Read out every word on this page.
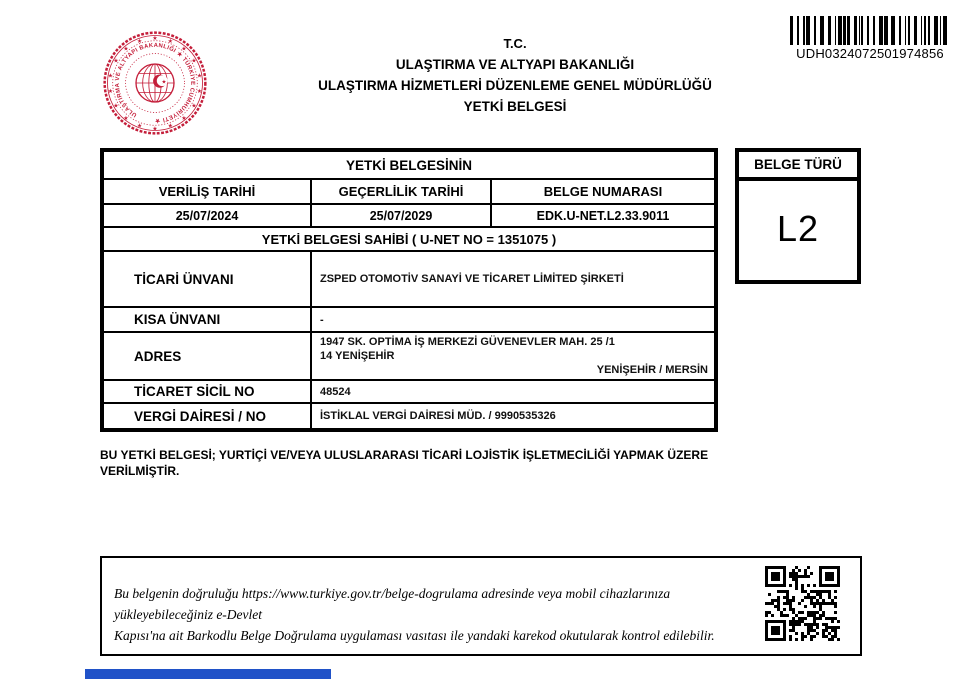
★ ★
★
★
★
★
★
★
★
★
★
★
★
★
★
★
★
★
ULAŞTIRMA VE ALTYAPI BAKANLIĞI ★ TÜRKİYE CUMHURİYETİ ★
★
T.C.
ULAŞTIRMA VE ALTYAPI BAKANLIĞI
ULAŞTIRMA HİZMETLERİ DÜZENLEME GENEL MÜDÜRLÜĞÜ
YETKİ BELGESİ
UDH0324072501974856
YETKİ BELGESİNİN
VERİLİŞ TARİHİ	GEÇERLİLİK TARİHİ	BELGE NUMARASI
25/07/2024	25/07/2029	EDK.U-NET.L2.33.9011
YETKİ BELGESİ SAHİBİ ( U-NET NO = 1351075 )
TİCARİ ÜNVANI	ZSPED OTOMOTİV SANAYİ VE TİCARET LİMİTED ŞİRKETİ
KISA ÜNVANI	-
ADRES
1947 SK. OPTİMA İŞ MERKEZİ GÜVENEVLER MAH. 25 /1
14 YENİŞEHİR
YENİŞEHİR / MERSİN
TİCARET SİCİL NO	48524
VERGİ DAİRESİ / NO	İSTİKLAL VERGİ DAİRESİ MÜD. / 9990535326
BELGE TÜRÜ
L2
BU YETKİ BELGESİ; YURTİÇİ VE/VEYA ULUSLARARASI TİCARİ LOJİSTİK İŞLETMECİLİĞİ YAPMAK ÜZERE VERİLMİŞTİR.
Bu belgenin doğruluğu https://www.turkiye.gov.tr/belge-dogrulama adresinde veya mobil cihazlarınıza yükleyebileceğiniz e-Devlet
Kapısı'na ait Barkodlu Belge Doğrulama uygulaması vasıtası ile yandaki karekod okutularak kontrol edilebilir.
